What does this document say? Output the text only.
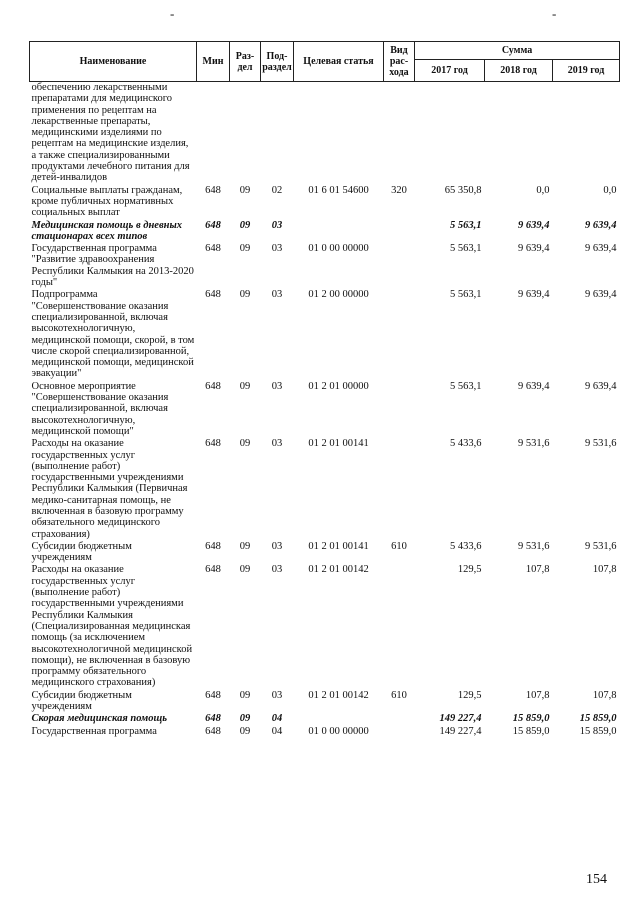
-	-
Наименование	Мин	Раз-дел	Под-раздел	Целевая статья	Вид рас-хода	Сумма		
						2017 год	2018 год	2019 год
обеспечению лекарственными препаратами для медицинского применения по рецептам на лекарственные препараты, медицинскими изделиями по рецептам на медицинские изделия, а также специализированными продуктами лечебного питания для детей-инвалидов								
Социальные выплаты гражданам, кроме публичных нормативных социальных выплат	648	09	02	01 6 01 54600	320	65 350,8	0,0	0,0
Медицинская помощь в дневных стационарах всех типов	648	09	03			5 563,1	9 639,4	9 639,4
Государственная программа "Развитие здравоохранения Республики Калмыкия на 2013-2020 годы"	648	09	03	01 0 00 00000		5 563,1	9 639,4	9 639,4
Подпрограмма "Совершенствование оказания специализированной, включая высокотехнологичную, медицинской помощи, скорой, в том числе скорой специализированной, медицинской помощи, медицинской эвакуации"	648	09	03	01 2 00 00000		5 563,1	9 639,4	9 639,4
Основное мероприятие "Совершенствование оказания специализированной, включая высокотехнологичную, медицинской помощи"	648	09	03	01 2 01 00000		5 563,1	9 639,4	9 639,4
Расходы на оказание государственных услуг (выполнение работ) государственными учреждениями Республики Калмыкия (Первичная медико-санитарная помощь, не включенная в базовую программу обязательного медицинского страхования)	648	09	03	01 2 01 00141		5 433,6	9 531,6	9 531,6
Субсидии бюджетным учреждениям	648	09	03	01 2 01 00141	610	5 433,6	9 531,6	9 531,6
Расходы на оказание государственных услуг (выполнение работ) государственными учреждениями Республики Калмыкия (Специализированная медицинская помощь (за исключением высокотехнологичной медицинской помощи), не включенная в базовую программу обязательного медицинского страхования)	648	09	03	01 2 01 00142		129,5	107,8	107,8
Субсидии бюджетным учреждениям	648	09	03	01 2 01 00142	610	129,5	107,8	107,8
Скорая медицинская помощь	648	09	04			149 227,4	15 859,0	15 859,0
Государственная программа	648	09	04	01 0 00 00000		149 227,4	15 859,0	15 859,0
154
